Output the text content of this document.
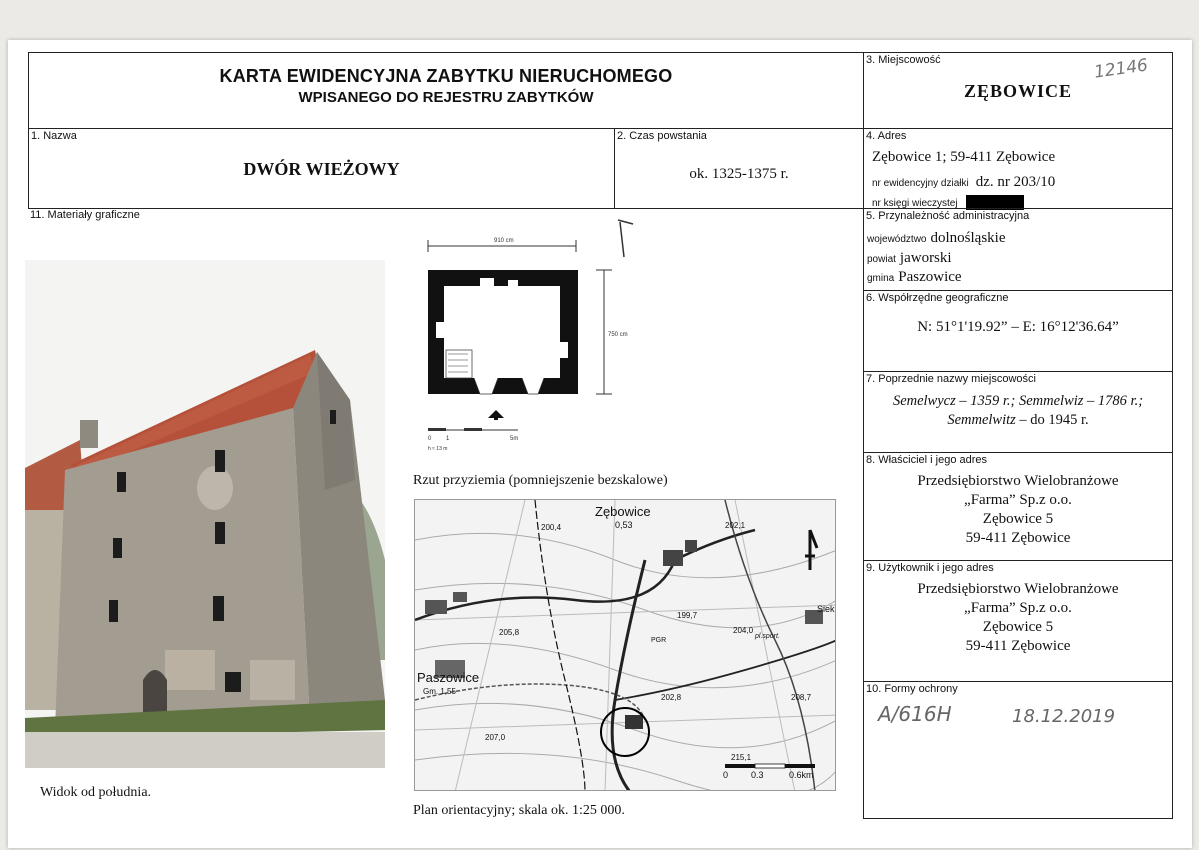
KARTA EWIDENCYJNA ZABYTKU NIERUCHOMEGO
WPISANEGO DO REJESTRU ZABYTKÓW
3. Miejscowość
ZĘBOWICE
12146
1. Nazwa
DWÓR WIEŻOWY
2. Czas powstania
ok. 1325-1375 r.
4. Adres
Zębowice 1; 59-411 Zębowice
nr ewidencyjny działki dz. nr 203/10
nr księgi wieczystej
11. Materiały graficzne	5. Przynależność administracyjna
województwo dolnośląskie
powiat jaworski
gmina Paszowice
6. Współrzędne geograficzne
N: 51°1'19.92” – E: 16°12'36.64”
7. Poprzednie nazwy miejscowości
Semelwycz – 1359 r.; Semmelwiz – 1786 r.;
Semmelwitz – do 1945 r.
8. Właściciel i jego adres
Przedsiębiorstwo Wielobranżowe
„Farma” Sp.z o.o.
Zębowice 5
59-411 Zębowice
9. Użytkownik i jego adres
Przedsiębiorstwo Wielobranżowe
„Farma” Sp.z o.o.
Zębowice 5
59-411 Zębowice
10. Formy ochrony
A/616H	18.12.2019
Widok od południa.
910 cm
750 cm
0 1	5m
h ≈ 13 m
Rzut przyziemia (pomniejszenie bezskalowe)
Zębowice
0,53
200,4	202,1
199,7
205,8	204,0
pl.sport.
Siek
PGR
Paszowice
Gm. 1,55
202,8
207,0
215,1
208,7
0	0.3	0.6km
Plan orientacyjny; skala ok. 1:25 000.
